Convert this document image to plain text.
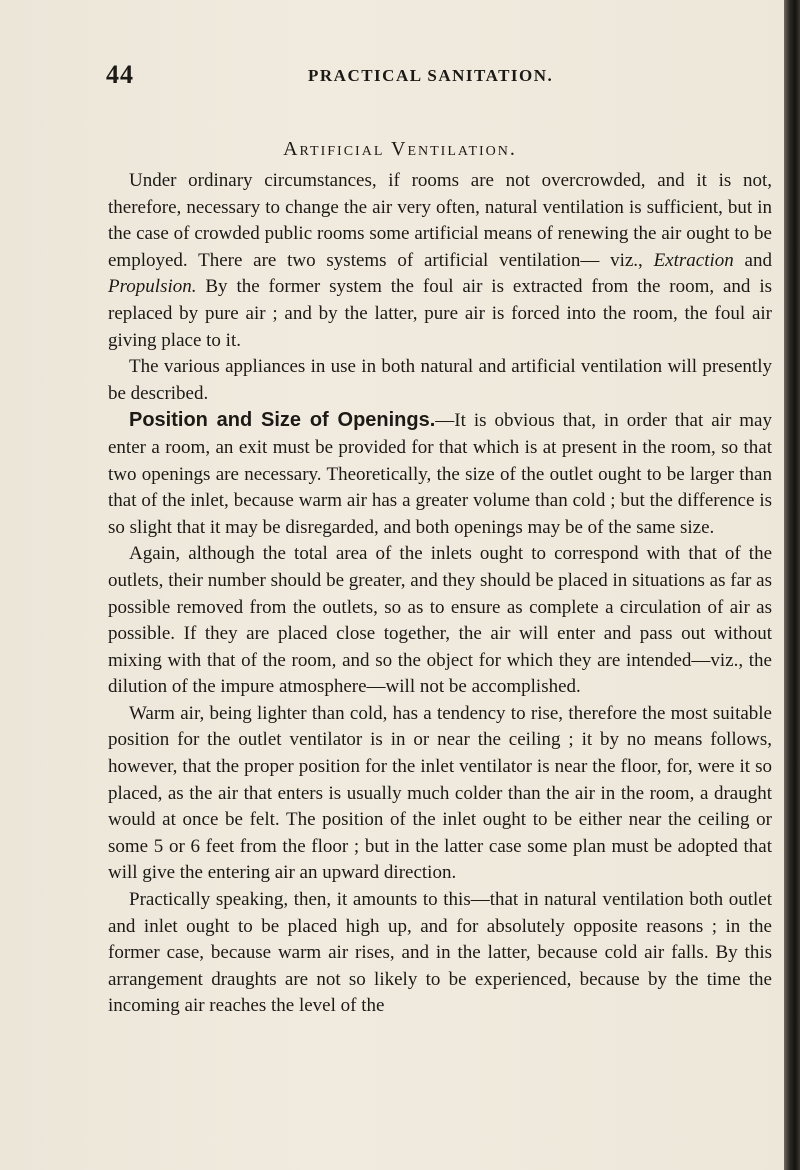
44	PRACTICAL SANITATION.
Artificial Ventilation.

Under ordinary circumstances, if rooms are not overcrowded, and it is not, therefore, necessary to change the air very often, natural ventilation is sufficient, but in the case of crowded public rooms some artificial means of renewing the air ought to be employed. There are two systems of artificial ventilation— viz., Extraction and Propulsion. By the former system the foul air is extracted from the room, and is replaced by pure air ; and by the latter, pure air is forced into the room, the foul air giving place to it.

The various appliances in use in both natural and artificial ventilation will presently be described.

Position and Size of Openings.—It is obvious that, in order that air may enter a room, an exit must be provided for that which is at present in the room, so that two openings are necessary. Theoretically, the size of the outlet ought to be larger than that of the inlet, because warm air has a greater volume than cold ; but the difference is so slight that it may be disregarded, and both openings may be of the same size.

Again, although the total area of the inlets ought to correspond with that of the outlets, their number should be greater, and they should be placed in situations as far as possible removed from the outlets, so as to ensure as complete a circulation of air as possible. If they are placed close together, the air will enter and pass out without mixing with that of the room, and so the object for which they are intended—viz., the dilution of the impure atmosphere—will not be accomplished.

Warm air, being lighter than cold, has a tendency to rise, therefore the most suitable position for the outlet ventilator is in or near the ceiling ; it by no means follows, however, that the proper position for the inlet ventilator is near the floor, for, were it so placed, as the air that enters is usually much colder than the air in the room, a draught would at once be felt. The position of the inlet ought to be either near the ceiling or some 5 or 6 feet from the floor ; but in the latter case some plan must be adopted that will give the entering air an upward direction.

Practically speaking, then, it amounts to this—that in natural ventilation both outlet and inlet ought to be placed high up, and for absolutely opposite reasons ; in the former case, because warm air rises, and in the latter, because cold air falls. By this arrangement draughts are not so likely to be experienced, because by the time the incoming air reaches the level of the
